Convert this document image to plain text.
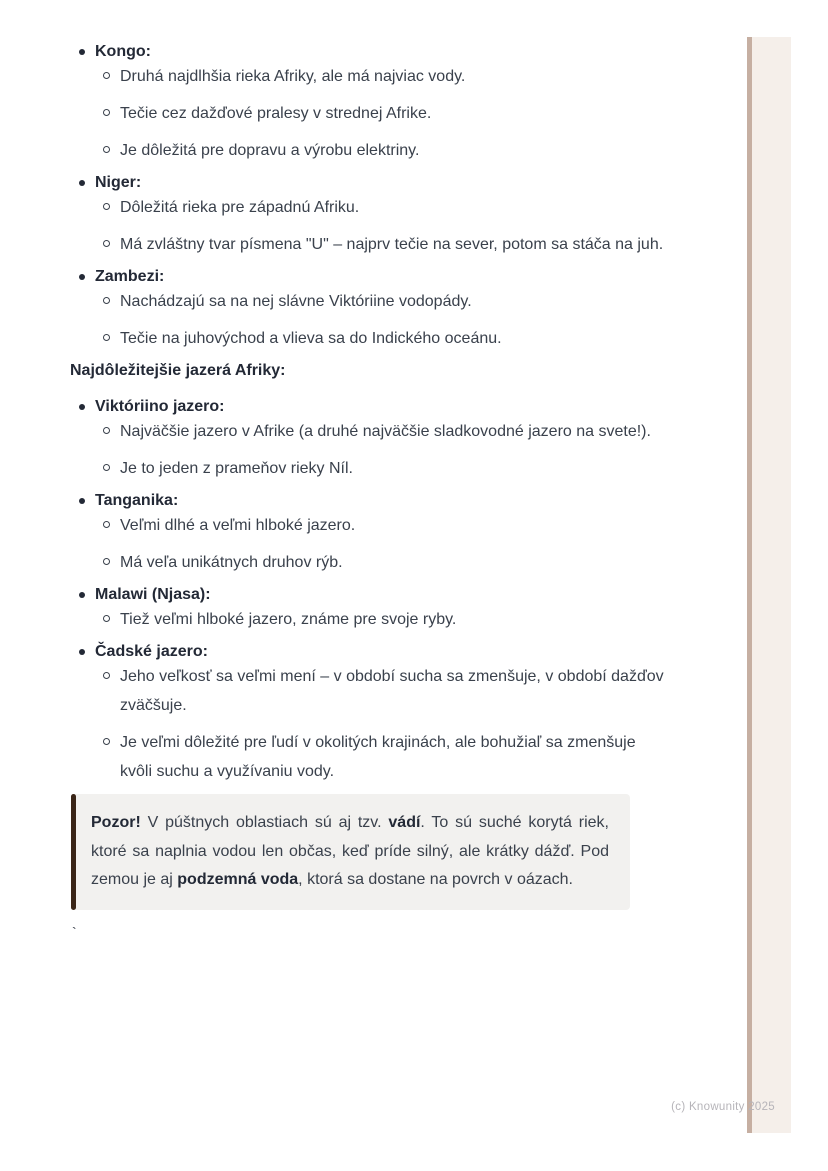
Kongo:
Druhá najdlhšia rieka Afriky, ale má najviac vody.
Tečie cez dažďové pralesy v strednej Afrike.
Je dôležitá pre dopravu a výrobu elektriny.
Niger:
Dôležitá rieka pre západnú Afriku.
Má zvláštny tvar písmena "U" – najprv tečie na sever, potom sa stáča na juh.
Zambezi:
Nachádzajú sa na nej slávne Viktóriine vodopády.
Tečie na juhovýchod a vlieva sa do Indického oceánu.
Najdôležitejšie jazerá Afriky:
Viktóriino jazero:
Najväčšie jazero v Afrike (a druhé najväčšie sladkovodné jazero na svete!).
Je to jeden z prameňov rieky Níl.
Tanganika:
Veľmi dlhé a veľmi hlboké jazero.
Má veľa unikátnych druhov rýb.
Malawi (Njasa):
Tiež veľmi hlboké jazero, známe pre svoje ryby.
Čadské jazero:
Jeho veľkosť sa veľmi mení – v období sucha sa zmenšuje, v období dažďov zväčšuje.
Je veľmi dôležité pre ľudí v okolitých krajinách, ale bohužiaľ sa zmenšuje kvôli suchu a využívaniu vody.
Pozor! V púštnych oblastiach sú aj tzv. vádí. To sú suché korytá riek, ktoré sa naplnia vodou len občas, keď príde silný, ale krátky dážď. Pod zemou je aj podzemná voda, ktorá sa dostane na povrch v oázach.
`
(c) Knowunity 2025
